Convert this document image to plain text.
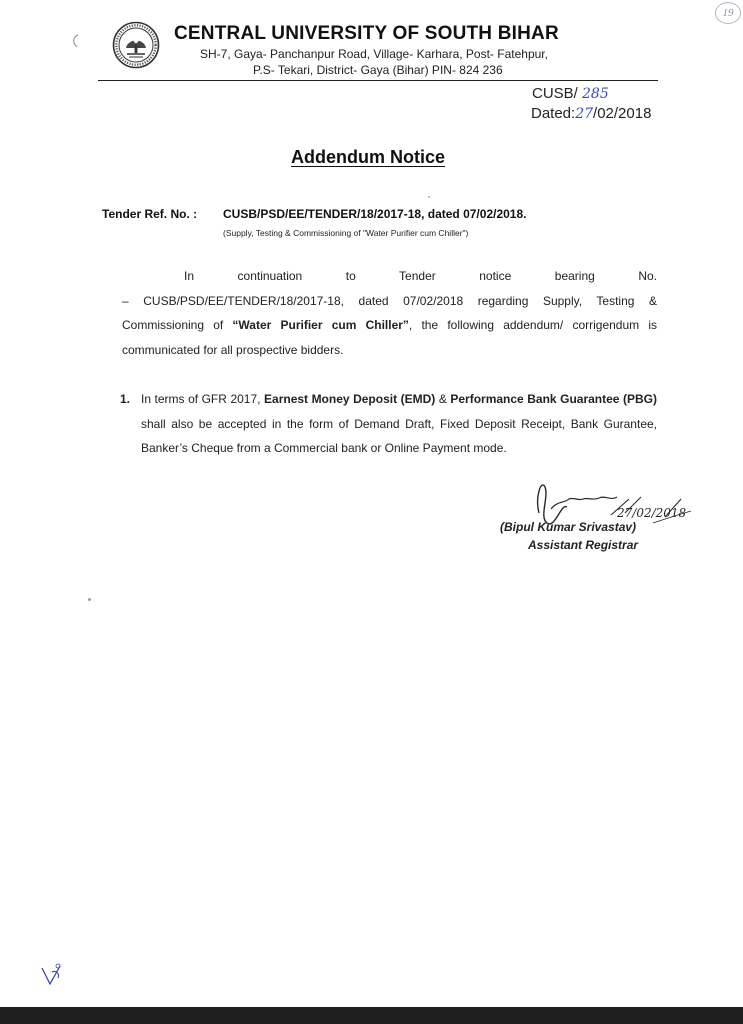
19
CENTRAL UNIVERSITY OF SOUTH BIHAR
SH-7, Gaya- Panchanpur Road, Village- Karhara, Post- Fatehpur,
P.S- Tekari, District- Gaya (Bihar) PIN- 824 236
CUSB/ 285
Dated:27/02/2018
Addendum Notice
Tender Ref. No. : CUSB/PSD/EE/TENDER/18/2017-18, dated 07/02/2018.
(Supply, Testing & Commissioning of "Water Purifier cum Chiller")
In continuation to Tender notice bearing No. – CUSB/PSD/EE/TENDER/18/2017-18, dated 07/02/2018 regarding Supply, Testing & Commissioning of “Water Purifier cum Chiller”, the following addendum/ corrigendum is communicated for all prospective bidders.
1. In terms of GFR 2017, Earnest Money Deposit (EMD) & Performance Bank Guarantee (PBG) shall also be accepted in the form of Demand Draft, Fixed Deposit Receipt, Bank Gurantee, Banker’s Cheque from a Commercial bank or Online Payment mode.
27/02/2018
(Bipul Kumar Srivastav)
Assistant Registrar
